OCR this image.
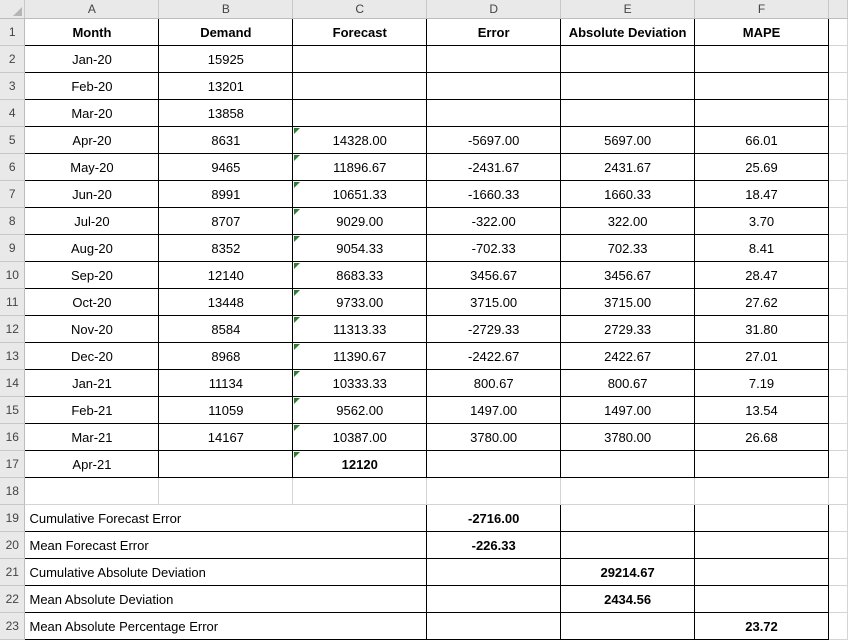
	A	B	C	D	E	F	
1	Month	Demand	Forecast	Error	Absolute Deviation	MAPE	
2	Jan-20	15925					
3	Feb-20	13201					
4	Mar-20	13858					
5	Apr-20	8631	14328.00	-5697.00	5697.00	66.01	
6	May-20	9465	11896.67	-2431.67	2431.67	25.69	
7	Jun-20	8991	10651.33	-1660.33	1660.33	18.47	
8	Jul-20	8707	9029.00	-322.00	322.00	3.70	
9	Aug-20	8352	9054.33	-702.33	702.33	8.41	
10	Sep-20	12140	8683.33	3456.67	3456.67	28.47	
11	Oct-20	13448	9733.00	3715.00	3715.00	27.62	
12	Nov-20	8584	11313.33	-2729.33	2729.33	31.80	
13	Dec-20	8968	11390.67	-2422.67	2422.67	27.01	
14	Jan-21	11134	10333.33	800.67	800.67	7.19	
15	Feb-21	11059	9562.00	1497.00	1497.00	13.54	
16	Mar-21	14167	10387.00	3780.00	3780.00	26.68	
17	Apr-21		12120

18							
19	Cumulative Forecast Error			-2716.00			
20	Mean Forecast Error			-226.33			
21	Cumulative Absolute Deviation				29214.67		
22	Mean Absolute Deviation				2434.56		
23	Mean Absolute Percentage Error					23.72	
